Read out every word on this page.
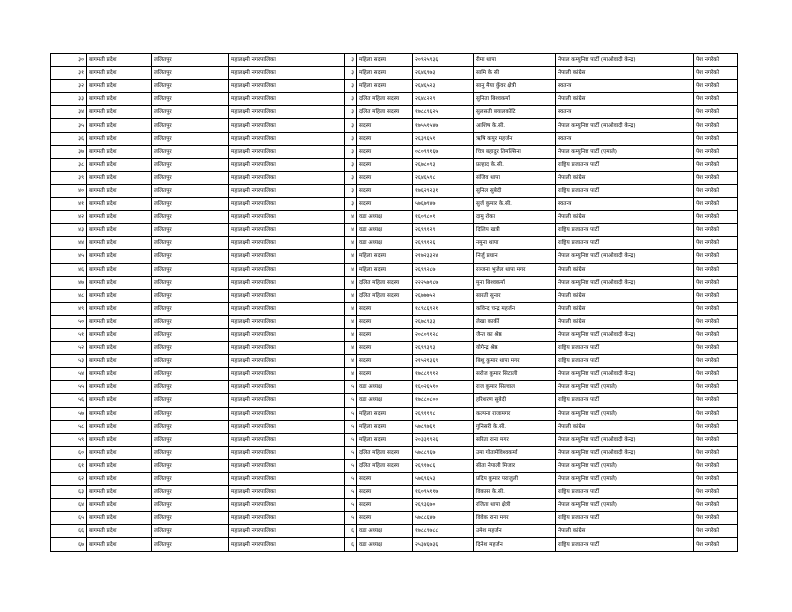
३०	बागमती प्रदेश	ललितपुर	महालक्ष्मी नगरपालिका	३	महिला सदस्य	२०९२५९३६	रीमा थापा	नेपाल कम्युनिष्ट पार्टी (माओवादी केन्द्र)	पेश नगरेको
३१	बागमती प्रदेश	ललितपुर	महालक्ष्मी नगरपालिका	३	महिला सदस्य	२६४६९७३	सामि के सी	नेपाली कांग्रेस	पेश नगरेको
३२	बागमती प्रदेश	ललितपुर	महालक्ष्मी नगरपालिका	३	महिला सदस्य	२६४६५२३	सानु मैया कुँवर क्षेत्री	स्वतन्त्र	पेश नगरेको
३३	बागमती प्रदेश	ललितपुर	महालक्ष्मी नगरपालिका	३	दलित महिला सदस्य	२६४८२२९	सुनिता बिश्वकर्मा	नेपाली कांग्रेस	पेश नगरेको
३४	बागमती प्रदेश	ललितपुर	महालक्ष्मी नगरपालिका	३	दलित महिला सदस्य	१७८८९६२५	सुलसती बयालकोटि	स्वतन्त्र	पेश नगरेको
३५	बागमती प्रदेश	ललितपुर	महालक्ष्मी नगरपालिका	३	सदस्य	१७५५१५४७	आशिष के.सी.	नेपाल कम्युनिष्ट पार्टी (माओवादी केन्द्र)	पेश नगरेको
३६	बागमती प्रदेश	ललितपुर	महालक्ष्मी नगरपालिका	३	सदस्य	२६३९६५१	ऋषि कपुर महर्जन	स्वतन्त्र	पेश नगरेको
३७	बागमती प्रदेश	ललितपुर	महालक्ष्मी नगरपालिका	३	सदस्य	०८०९९१६७	चित्र बहादुर तिमल्सिना	नेपाल कम्युनिष्ट पार्टी (एमाले)	पेश नगरेको
३८	बागमती प्रदेश	ललितपुर	महालक्ष्मी नगरपालिका	३	सदस्य	२६७८०९३	प्रल्हाद के.सी.	राष्ट्रिय प्रजातन्त्र पार्टी	पेश नगरेको
३९	बागमती प्रदेश	ललितपुर	महालक्ष्मी नगरपालिका	३	सदस्य	२६४६५९८	संजिव थापा	नेपाली कांग्रेस	पेश नगरेको
४०	बागमती प्रदेश	ललितपुर	महालक्ष्मी नगरपालिका	३	सदस्य	१७६२९२३१	सुनिल सुबेदी	राष्ट्रिय प्रजातन्त्र पार्टी	पेश नगरेको
४१	बागमती प्रदेश	ललितपुर	महालक्ष्मी नगरपालिका	३	सदस्य	५७६७९४७	सुर्ज कुमार के.सी.	स्वतन्त्र	पेश नगरेको
४२	बागमती प्रदेश	ललितपुर	महालक्ष्मी नगरपालिका	४	वडा अध्यक्ष	१६०९८०१	दामु रोका	नेपाली कांग्रेस	पेश नगरेको
४३	बागमती प्रदेश	ललितपुर	महालक्ष्मी नगरपालिका	४	वडा अध्यक्ष	२६९९१२९	दिलिप खत्री	राष्ट्रिय प्रजातन्त्र पार्टी	पेश नगरेको
४४	बागमती प्रदेश	ललितपुर	महालक्ष्मी नगरपालिका	४	वडा अध्यक्ष	२६९९१२६	नमुना थापा	राष्ट्रिय प्रजातन्त्र पार्टी	पेश नगरेको
४५	बागमती प्रदेश	ललितपुर	महालक्ष्मी नगरपालिका	४	महिला सदस्य	२१७२३३२४	निर्जु प्रधान	नेपाल कम्युनिष्ट पार्टी (माओवादी केन्द्र)	पेश नगरेको
४६	बागमती प्रदेश	ललितपुर	महालक्ष्मी नगरपालिका	४	महिला सदस्य	२६९९२८७	रञ्जना भुजेल थापा मगर	नेपाली कांग्रेस	पेश नगरेको
४७	बागमती प्रदेश	ललितपुर	महालक्ष्मी नगरपालिका	४	दलित महिला सदस्य	२२२५७९८७	मुना बिश्वकर्मा	नेपाल कम्युनिष्ट पार्टी (माओवादी केन्द्र)	पेश नगरेको
४८	बागमती प्रदेश	ललितपुर	महालक्ष्मी नगरपालिका	४	दलित महिला सदस्य	२६७७७५२	सारती सुनार	नेपाली कांग्रेस	पेश नगरेको
४९	बागमती प्रदेश	ललितपुर	महालक्ष्मी नगरपालिका	४	सदस्य	१८९८६९२१	कविन्द चन्द्र महर्जन	नेपाली कांग्रेस	पेश नगरेको
५०	बागमती प्रदेश	ललितपुर	महालक्ष्मी नगरपालिका	४	सदस्य	२६७८९३३	लेखा कार्की	नेपाली कांग्रेस	पेश नगरेको
५१	बागमती प्रदेश	ललितपुर	महालक्ष्मी नगरपालिका	४	सदस्य	२०८०९१२८	जैन्त का श्रेष्ठ	नेपाल कम्युनिष्ट पार्टी (माओवादी केन्द्र)	पेश नगरेको
५२	बागमती प्रदेश	ललितपुर	महालक्ष्मी नगरपालिका	४	सदस्य	२६९९३९३	योगेन्द्र श्रेष्ठ	राष्ट्रिय प्रजातन्त्र पार्टी	पेश नगरेको
५३	बागमती प्रदेश	ललितपुर	महालक्ष्मी नगरपालिका	४	सदस्य	२१५२१३६९	बिशु कुमार थापा मगर	राष्ट्रिय प्रजातन्त्र पार्टी	पेश नगरेको
५४	बागमती प्रदेश	ललितपुर	महालक्ष्मी नगरपालिका	४	सदस्य	१७८८१९१२	सरोज कुमार सिटाली	नेपाल कम्युनिष्ट पार्टी (माओवादी केन्द्र)	पेश नगरेको
५५	बागमती प्रदेश	ललितपुर	महालक्ष्मी नगरपालिका	५	वडा अध्यक्ष	१६०२६५१०	राज कुमार सिल्वाल	नेपाल कम्युनिष्ट पार्टी (एमाले)	पेश नगरेको
५६	बागमती प्रदेश	ललितपुर	महालक्ष्मी नगरपालिका	५	वडा अध्यक्ष	१७८८०८००	हरिशरण सुबेदी	राष्ट्रिय प्रजातन्त्र पार्टी	पेश नगरेको
५७	बागमती प्रदेश	ललितपुर	महालक्ष्मी नगरपालिका	५	महिला सदस्य	२६९११९८	कल्पना राजामगर	नेपाल कम्युनिष्ट पार्टी (एमाले)	पेश नगरेको
५८	बागमती प्रदेश	ललितपुर	महालक्ष्मी नगरपालिका	५	महिला सदस्य	५७८९७६१	गुनिसरी के.सी.	नेपाली कांग्रेस	पेश नगरेको
५९	बागमती प्रदेश	ललितपुर	महालक्ष्मी नगरपालिका	५	महिला सदस्य	२०३३१९२६	सरिता राना मगर	नेपाल कम्युनिष्ट पार्टी (माओवादी केन्द्र)	पेश नगरेको
६०	बागमती प्रदेश	ललितपुर	महालक्ष्मी नगरपालिका	५	दलित महिला सदस्य	५७८८९६७	उमा गोतामेविश्वकर्मा	नेपाल कम्युनिष्ट पार्टी (माओवादी केन्द्र)	पेश नगरेको
६१	बागमती प्रदेश	ललितपुर	महालक्ष्मी नगरपालिका	५	दलित महिला सदस्य	२६९१७८६	सीता नेपाली मिजार	नेपाल कम्युनिष्ट पार्टी (एमाले)	पेश नगरेको
६२	बागमती प्रदेश	ललितपुर	महालक्ष्मी नगरपालिका	५	सदस्य	५७६९६५३	प्रदिप कुमार पराजुली	नेपाल कम्युनिष्ट पार्टी (एमाले)	पेश नगरेको
६३	बागमती प्रदेश	ललितपुर	महालक्ष्मी नगरपालिका	५	सदस्य	१६०९५११७	विकास के.सी.	राष्ट्रिय प्रजातन्त्र पार्टी	पेश नगरेको
६४	बागमती प्रदेश	ललितपुर	महालक्ष्मी नगरपालिका	५	सदस्य	२६९३६७०	रजिता थापा क्षेत्री	नेपाल कम्युनिष्ट पार्टी (एमाले)	पेश नगरेको
६५	बागमती प्रदेश	ललितपुर	महालक्ष्मी नगरपालिका	५	सदस्य	५७८८६४७	विवेक राना मगर	राष्ट्रिय प्रजातन्त्र पार्टी	पेश नगरेको
६६	बागमती प्रदेश	ललितपुर	महालक्ष्मी नगरपालिका	६	वडा अध्यक्ष	१७८८९७८८	उमेश महर्जन	नेपाली कांग्रेस	पेश नगरेको
६७	बागमती प्रदेश	ललितपुर	महालक्ष्मी नगरपालिका	६	वडा अध्यक्ष	२५३४६७३६	दिनेश महर्जन	राष्ट्रिय प्रजातन्त्र पार्टी	पेश नगरेको
